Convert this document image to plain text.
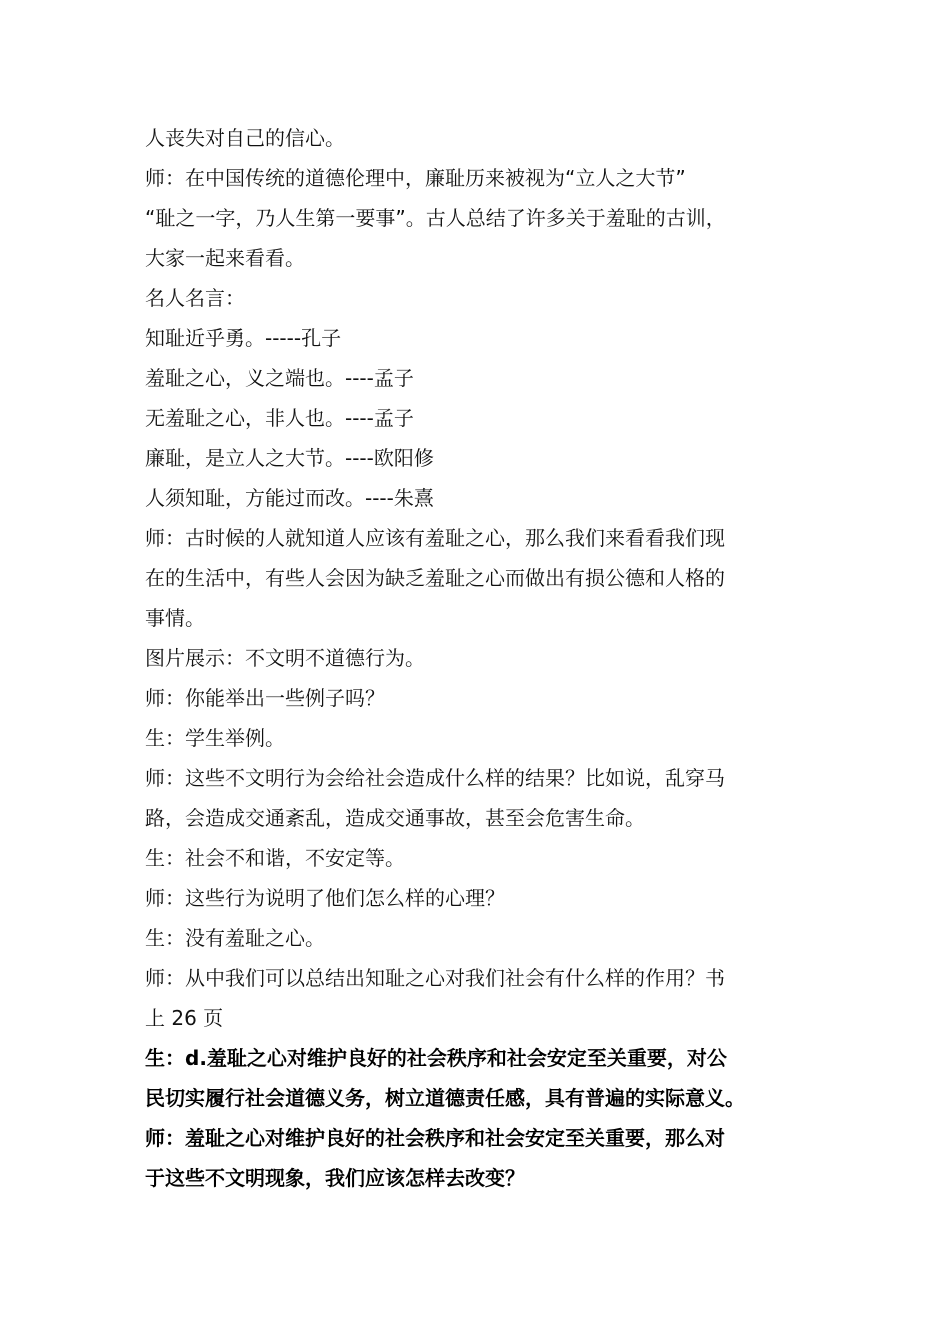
人丧失对自己的信心。
师：在中国传统的道德伦理中，廉耻历来被视为“立人之大节”
“耻之一字，乃人生第一要事”。古人总结了许多关于羞耻的古训，
大家一起来看看。
名人名言：
知耻近乎勇。-----孔子
羞耻之心，义之端也。----孟子
无羞耻之心，非人也。----孟子
廉耻，是立人之大节。----欧阳修
人须知耻，方能过而改。----朱熹
师：古时候的人就知道人应该有羞耻之心，那么我们来看看我们现
在的生活中，有些人会因为缺乏羞耻之心而做出有损公德和人格的
事情。
图片展示：不文明不道德行为。
师：你能举出一些例子吗？
生：学生举例。
师：这些不文明行为会给社会造成什么样的结果？比如说，乱穿马
路，会造成交通紊乱，造成交通事故，甚至会危害生命。
生：社会不和谐，不安定等。
师：这些行为说明了他们怎么样的心理？
生：没有羞耻之心。
师：从中我们可以总结出知耻之心对我们社会有什么样的作用？书
上 26 页
生：d.羞耻之心对维护良好的社会秩序和社会安定至关重要，对公
民切实履行社会道德义务，树立道德责任感，具有普遍的实际意义。
师：羞耻之心对维护良好的社会秩序和社会安定至关重要，那么对
于这些不文明现象，我们应该怎样去改变？
